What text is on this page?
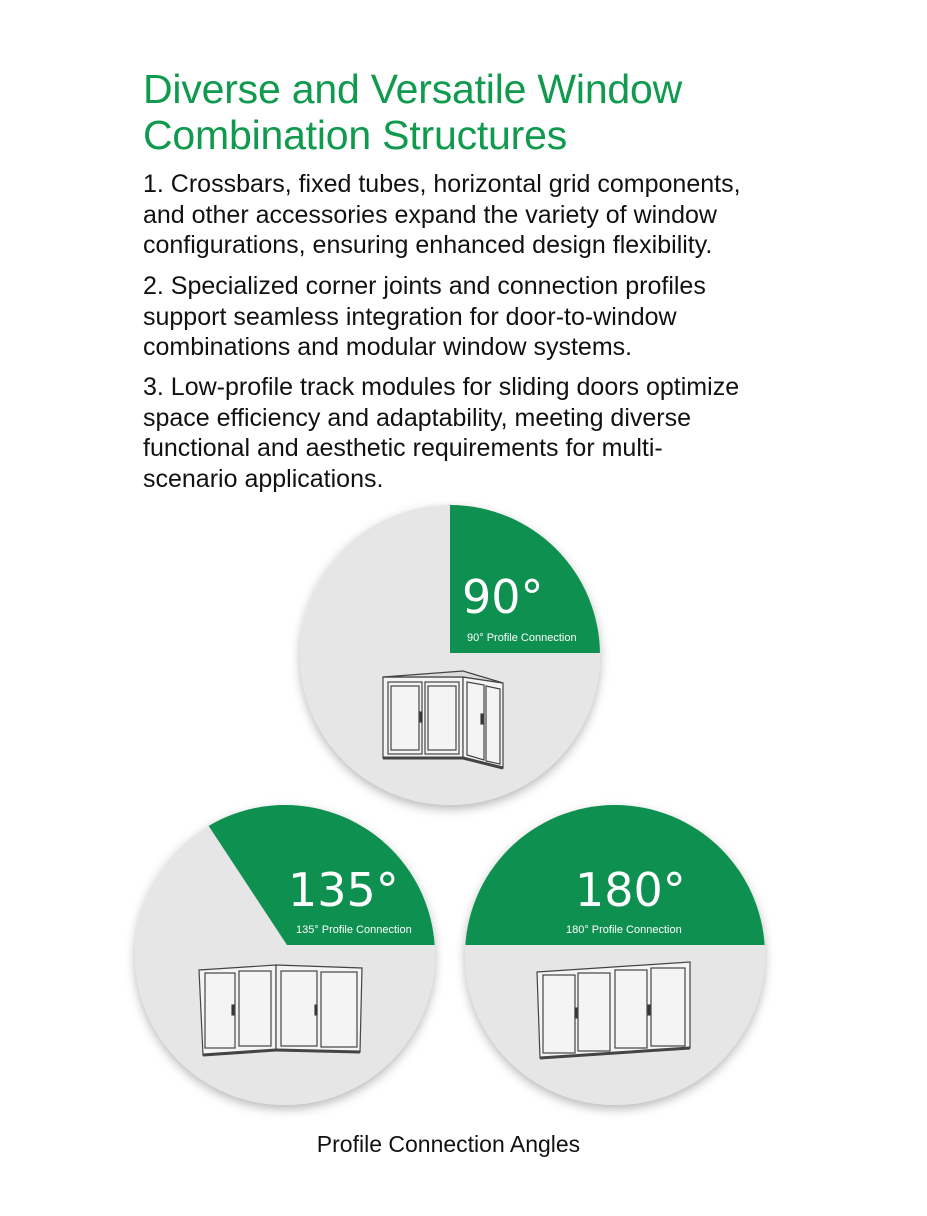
Diverse and Versatile Window
Combination Structures

1. Crossbars, fixed tubes, horizontal grid components,
and other accessories expand the variety of window
configurations, ensuring enhanced design flexibility.

2. Specialized corner joints and connection profiles
support seamless integration for door-to-window
combinations and modular window systems.

3. Low-profile track modules for sliding doors optimize
space efficiency and adaptability, meeting diverse
functional and aesthetic requirements for multi-
scenario applications.

90°
90° Profile Connection
135°
135° Profile Connection
180°
180° Profile Connection
Profile Connection Angles
